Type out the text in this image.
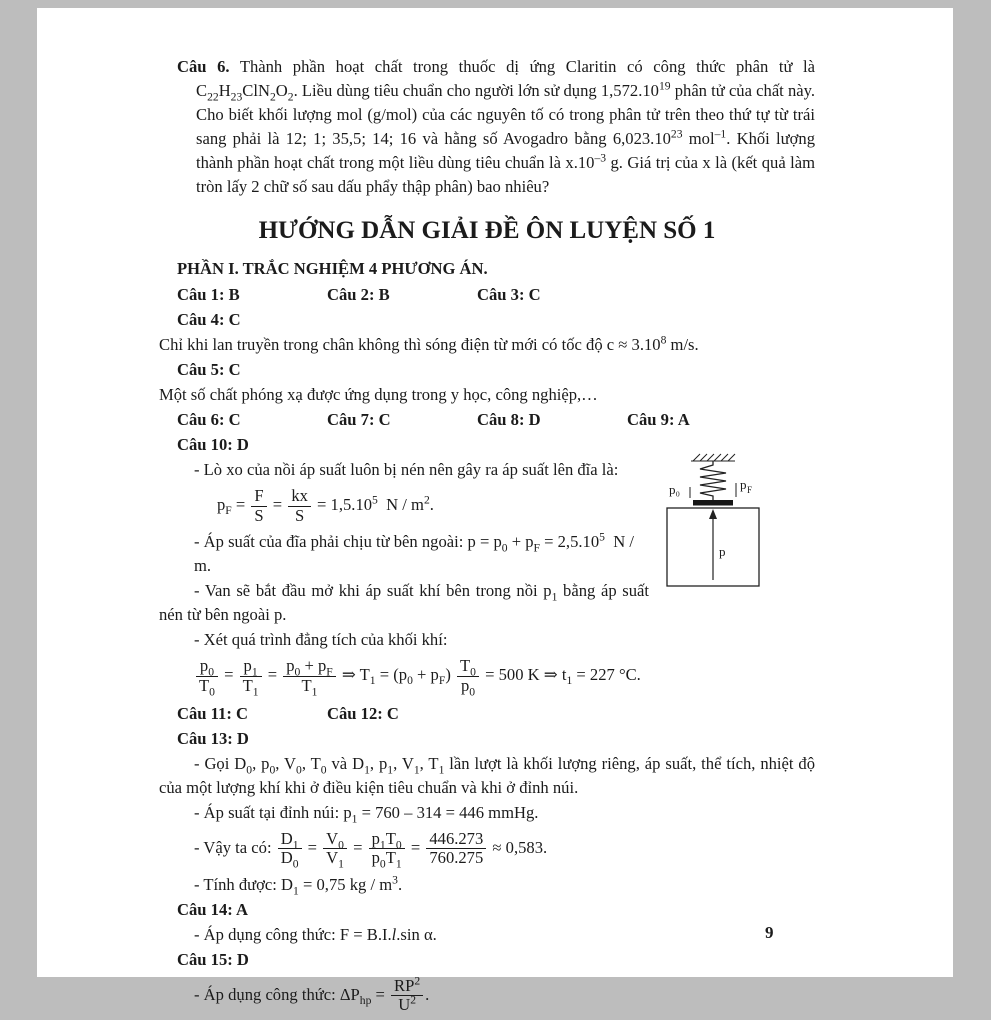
Câu 6. Thành phần hoạt chất trong thuốc dị ứng Claritin có công thức phân tử là $C_{22}H_{23}ClN_2O_2$. Liều dùng tiêu chuẩn cho người lớn sử dụng 1,572.10$^{19}$ phân tử của chất này. Cho biết khối lượng mol (g/mol) của các nguyên tố có trong phân tử trên theo thứ tự từ trái sang phải là 12; 1; 35,5; 14; 16 và hằng số Avogadro bằng 6,023.10$^{23}$ mol$^{-1}$. Khối lượng thành phần hoạt chất trong một liều dùng tiêu chuẩn là $x.10^{-3}$ g. Giá trị của x là (kết quả làm tròn lấy 2 chữ số sau dấu phẩy thập phân) bao nhiêu?

HƯỚNG DẪN GIẢI ĐỀ ÔN LUYỆN SỐ 1
PHẦN I. TRẮC NGHIỆM 4 PHƯƠNG ÁN.
Câu 1: B	Câu 2: B	Câu 3: C
Câu 4: C
Chỉ khi lan truyền trong chân không thì sóng điện từ mới có tốc độ $c \approx 3.10^8$ m/s.
Câu 5: C
Một số chất phóng xạ được ứng dụng trong y học, công nghiệp,…
Câu 6: C	Câu 7: C	Câu 8: D	Câu 9: A
Câu 10: D
p₀	p F
p
- Lò xo của nồi áp suất luôn bị nén nên gây ra áp suất lên đĩa là:
$p_F = \frac{F}{S} = \frac{kx}{S} = 1,5.10^5$  N / $m^2$.
- Áp suất của đĩa phải chịu từ bên ngoài: $p = p_0 + p_F = 2,5.10^5$  N / m.
- Van sẽ bắt đầu mở khi áp suất khí bên trong nồi $p_1$ bằng áp suất nén từ bên ngoài p.
- Xét quá trình đẳng tích của khối khí:
$\frac{p_0}{T_0} = \frac{p_1}{T_1} = \frac{p_0 + p_F}{T_1}$ ⇒ $T_1 = (p_0 + p_F) \frac{T_0}{p_0} = 500$ K ⇒ $t_1 = 227$ °C.
Câu 11: C	Câu 12: C
Câu 13: D
- Gọi $D_0$, $p_0$, $V_0$, $T_0$ và $D_1$, $p_1$, $V_1$, $T_1$ lần lượt là khối lượng riêng, áp suất, thể tích, nhiệt độ của một lượng khí khi ở điều kiện tiêu chuẩn và khi ở đỉnh núi.
- Áp suất tại đỉnh núi: $p_1 = 760 - 314 = 446$ mmHg.
- Vậy ta có: $\frac{D_1}{D_0} = \frac{V_0}{V_1} = \frac{p_1T_0}{p_0T_1} = \frac{446.273}{760.275} \approx 0,583$.
- Tính được: $D_1 = 0,75$ kg / $m^3$.
Câu 14: A
- Áp dụng công thức: F = B.I.l.sin α.
Câu 15: D
- Áp dụng công thức: $\Delta P_{hp} = \frac{RP^2}{U^2}$ .
9
